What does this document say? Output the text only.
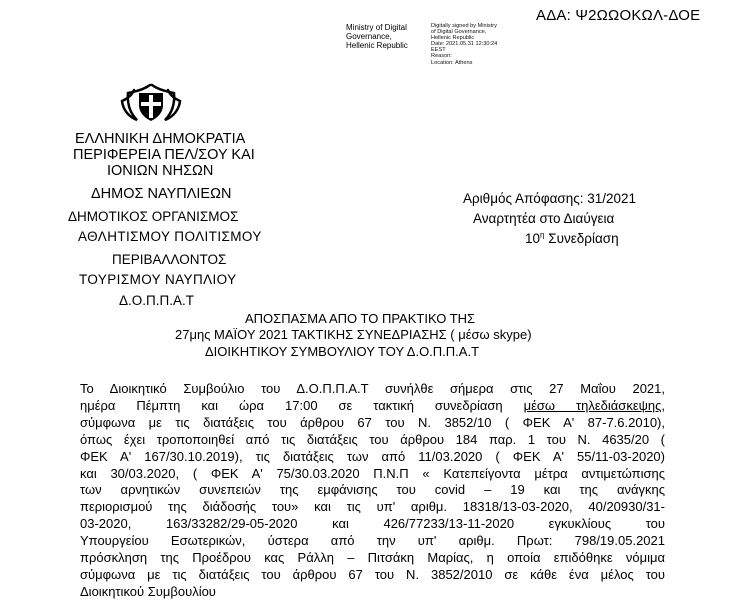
ΑΔΑ: Ψ2ΩΩΟΚΩΛ-ΔΟΕ
Ministry of Digital
Governance,
Hellenic Republic
Digitally signed by Ministry
of Digital Governance,
Hellenic Republic
Date: 2021.05.31 12:30:24
EEST
Reason:
Location: Athens
ΕΛΛΗΝΙΚΗ ΔΗΜΟΚΡΑΤΙΑ
ΠΕΡΙΦΕΡΕΙΑ ΠΕΛ/ΣΟΥ ΚΑΙ
ΙΟΝΙΩΝ ΝΗΣΩΝ
ΔΗΜΟΣ ΝΑΥΠΛΙΕΩΝ
ΔΗΜΟΤΙΚΟΣ ΟΡΓΑΝΙΣΜΟΣ
ΑΘΛΗΤΙΣΜΟΥ ΠΟΛΙΤΙΣΜΟΥ
ΠΕΡΙΒΑΛΛΟΝΤΟΣ
ΤΟΥΡΙΣΜΟΥ ΝΑΥΠΛΙΟΥ
Δ.Ο.Π.Π.Α.Τ
Αριθμός Απόφασης: 31/2021
Αναρτητέα στο Διαύγεια
$10^\eta$ Συνεδρίαση
ΑΠΟΣΠΑΣΜΑ ΑΠΟ ΤΟ ΠΡΑΚΤΙΚΟ ΤΗΣ
27μης ΜΑΪΟΥ 2021 ΤΑΚΤΙΚΗΣ ΣΥΝΕΔΡΙΑΣΗΣ ( μέσω skype)
ΔΙΟΙΚΗΤΙΚΟΥ ΣΥΜΒΟΥΛΙΟΥ ΤΟΥ Δ.Ο.Π.Π.Α.Τ
Το Διοικητικό Συμβούλιο του Δ.Ο.Π.Π.Α.Τ συνήλθε σήμερα στις 27 Μαΐου 2021,
ημέρα Πέμπτη και ώρα 17:00 σε τακτική συνεδρίαση μέσω τηλεδιάσκεψης,
σύμφωνα με τις διατάξεις του άρθρου 67 του Ν. 3852/10 ( ΦΕΚ Α' 87-7.6.2010),
όπως έχει τροποποιηθεί από τις διατάξεις του άρθρου 184 παρ. 1 του Ν. 4635/20 (
ΦΕΚ Α' 167/30.10.2019), τις διατάξεις των από 11/03.2020 ( ΦΕΚ Α' 55/11-03-2020)
και 30/03.2020, ( ΦΕΚ Α' 75/30.03.2020 Π.Ν.Π « Κατεπείγοντα μέτρα αντιμετώπισης
των αρνητικών συνεπειών της εμφάνισης του covid – 19 και της ανάγκης
περιορισμού της διάδοσής του» και τις υπ' αριθμ. 18318/13-03-2020, 40/20930/31-
03-2020, 163/33282/29-05-2020 και 426/77233/13-11-2020 εγκυκλίους του
Υπουργείου Εσωτερικών, ύστερα από την υπ' αριθμ. Πρωτ: 798/19.05.2021
πρόσκληση της Προέδρου κας Ράλλη – Πιτσάκη Μαρίας, η οποία επιδόθηκε νόμιμα
σύμφωνα με τις διατάξεις του άρθρου 67 του Ν. 3852/2010 σε κάθε ένα μέλος του
Διοικητικού Συμβουλίου
